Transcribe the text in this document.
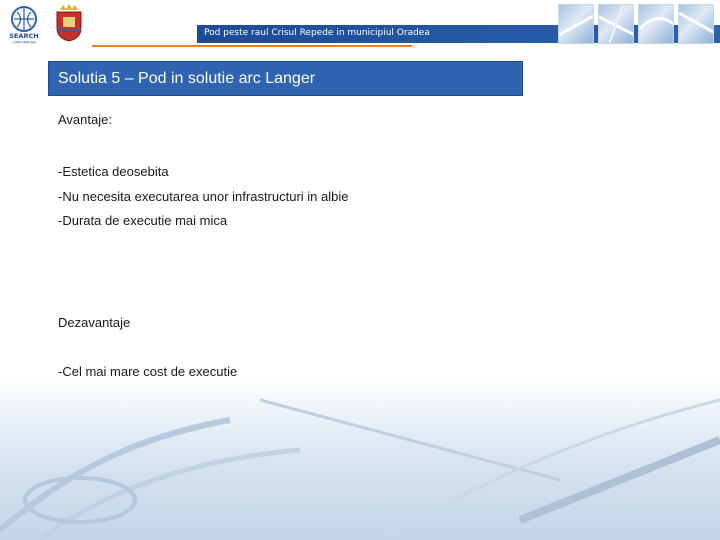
SEARCH
CORPORATION
Pod peste raul Crisul Repede in municipiul Oradea
Solutia 5 – Pod in solutie arc Langer
Avantaje:
-Estetica deosebita
-Nu necesita executarea unor infrastructuri in albie
-Durata de executie mai mica
Dezavantaje
-Cel mai mare cost de executie
